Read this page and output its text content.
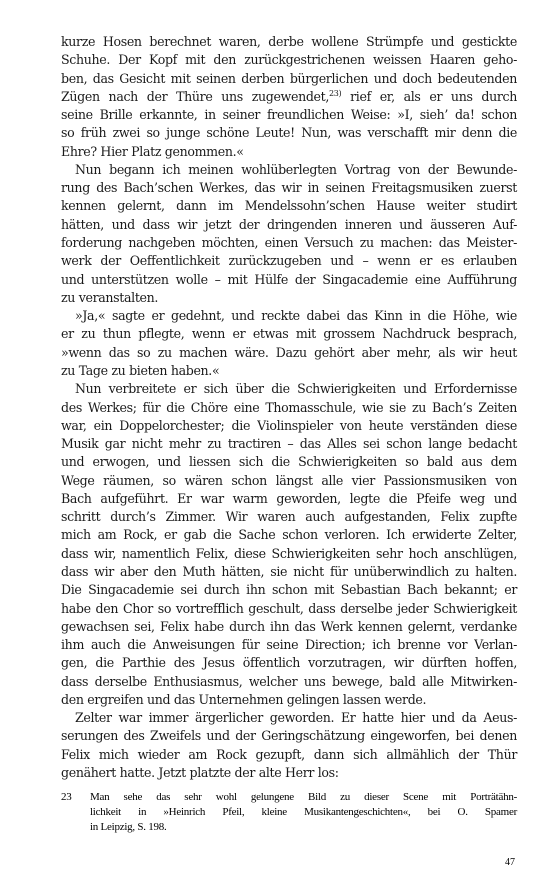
kurze Hosen berechnet waren, derbe wollene Strümpfe und gestickte
Schuhe. Der Kopf mit den zurückgestrichenen weissen Haaren geho-
ben, das Gesicht mit seinen derben bürgerlichen und doch bedeutenden
Zügen nach der Thüre uns zugewendet,$^{23)}$ rief er, als er uns durch
seine Brille erkannte, in seiner freundlichen Weise: »I, sieh’ da! schon
so früh zwei so junge schöne Leute! Nun, was verschafft mir denn die
Ehre? Hier Platz genommen.«
Nun begann ich meinen wohlüberlegten Vortrag von der Bewunde-
rung des Bach’schen Werkes, das wir in seinen Freitagsmusiken zuerst
kennen gelernt, dann im Mendelssohn’schen Hause weiter studirt
hätten, und dass wir jetzt der dringenden inneren und äusseren Auf-
forderung nachgeben möchten, einen Versuch zu machen: das Meister-
werk der Oeffentlichkeit zurückzugeben und – wenn er es erlauben
und unterstützen wolle – mit Hülfe der Singacademie eine Aufführung
zu veranstalten.
»Ja,« sagte er gedehnt, und reckte dabei das Kinn in die Höhe, wie
er zu thun pflegte, wenn er etwas mit grossem Nachdruck besprach,
»wenn das so zu machen wäre. Dazu gehört aber mehr, als wir heut
zu Tage zu bieten haben.«
Nun verbreitete er sich über die Schwierigkeiten und Erfordernisse
des Werkes; für die Chöre eine Thomasschule, wie sie zu Bach’s Zeiten
war, ein Doppelorchester; die Violinspieler von heute verständen diese
Musik gar nicht mehr zu tractiren – das Alles sei schon lange bedacht
und erwogen, und liessen sich die Schwierigkeiten so bald aus dem
Wege räumen, so wären schon längst alle vier Passionsmusiken von
Bach aufgeführt. Er war warm geworden, legte die Pfeife weg und
schritt durch’s Zimmer. Wir waren auch aufgestanden, Felix zupfte
mich am Rock, er gab die Sache schon verloren. Ich erwiderte Zelter,
dass wir, namentlich Felix, diese Schwierigkeiten sehr hoch anschlügen,
dass wir aber den Muth hätten, sie nicht für unüberwindlich zu halten.
Die Singacademie sei durch ihn schon mit Sebastian Bach bekannt; er
habe den Chor so vortrefflich geschult, dass derselbe jeder Schwierigkeit
gewachsen sei, Felix habe durch ihn das Werk kennen gelernt, verdanke
ihm auch die Anweisungen für seine Direction; ich brenne vor Verlan-
gen, die Parthie des Jesus öffentlich vorzutragen, wir dürften hoffen,
dass derselbe Enthusiasmus, welcher uns bewege, bald alle Mitwirken-
den ergreifen und das Unternehmen gelingen lassen werde.
Zelter war immer ärgerlicher geworden. Er hatte hier und da Aeus-
serungen des Zweifels und der Geringschätzung eingeworfen, bei denen
Felix mich wieder am Rock gezupft, dann sich allmählich der Thür
genähert hatte. Jetzt platzte der alte Herr los:
23 Man sehe das sehr wohl gelungene Bild zu dieser Scene mit Porträtähn-
lichkeit in »Heinrich Pfeil, kleine Musikantengeschichten«, bei O. Spamer
in Leipzig, S. 198.
47
